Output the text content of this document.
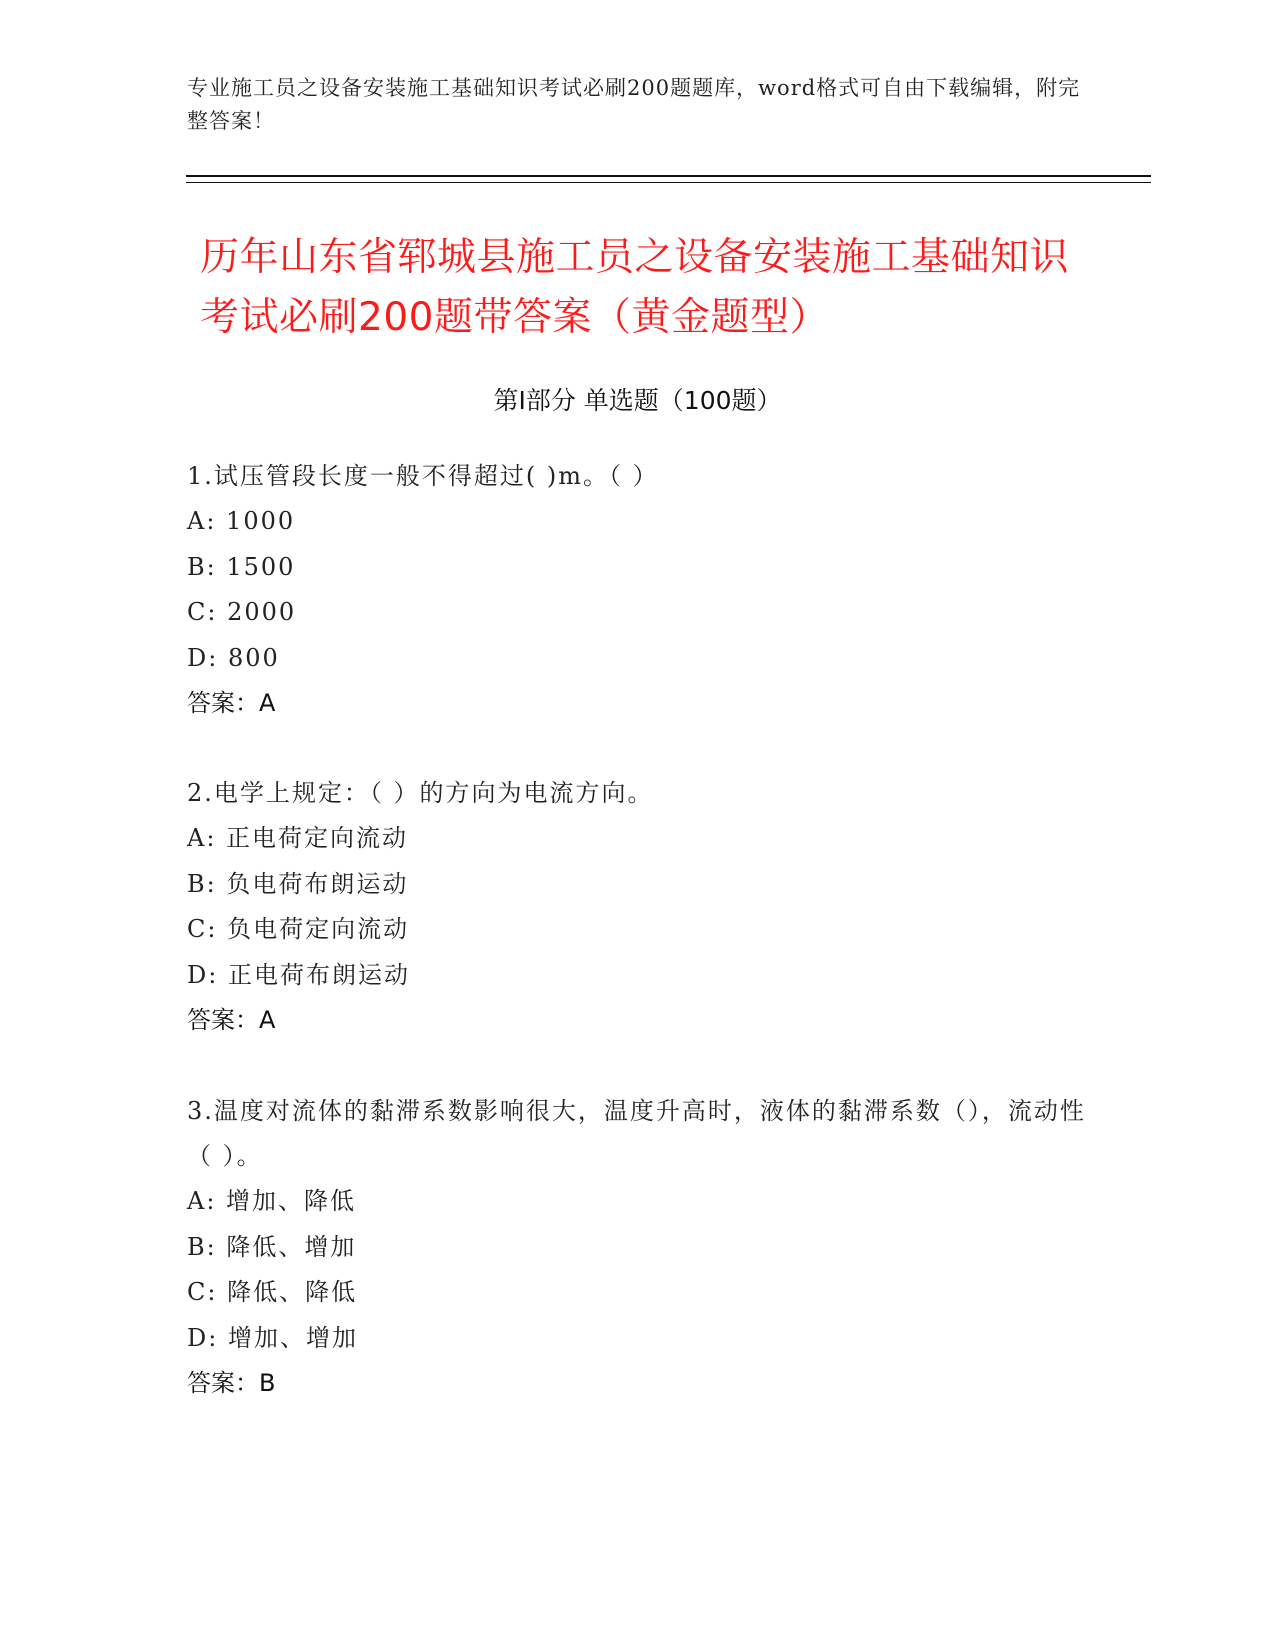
专业施工员之设备安装施工基础知识考试必刷200题题库，word格式可自由下载编辑，附完整答案！
历年山东省郓城县施工员之设备安装施工基础知识考试必刷200题带答案（黄金题型）
第Ⅰ部分 单选题（100题）

1.试压管段长度一般不得超过( )m。（ ）

A: 1000

B: 1500

C: 2000

D: 800

答案：A

2.电学上规定：（ ）的方向为电流方向。

A: 正电荷定向流动

B: 负电荷布朗运动

C: 负电荷定向流动

D: 正电荷布朗运动

答案：A

3.温度对流体的黏滞系数影响很大，温度升高时，液体的黏滞系数（），流动性（ ）。

A: 增加、降低

B: 降低、增加

C: 降低、降低

D: 增加、增加

答案：B
